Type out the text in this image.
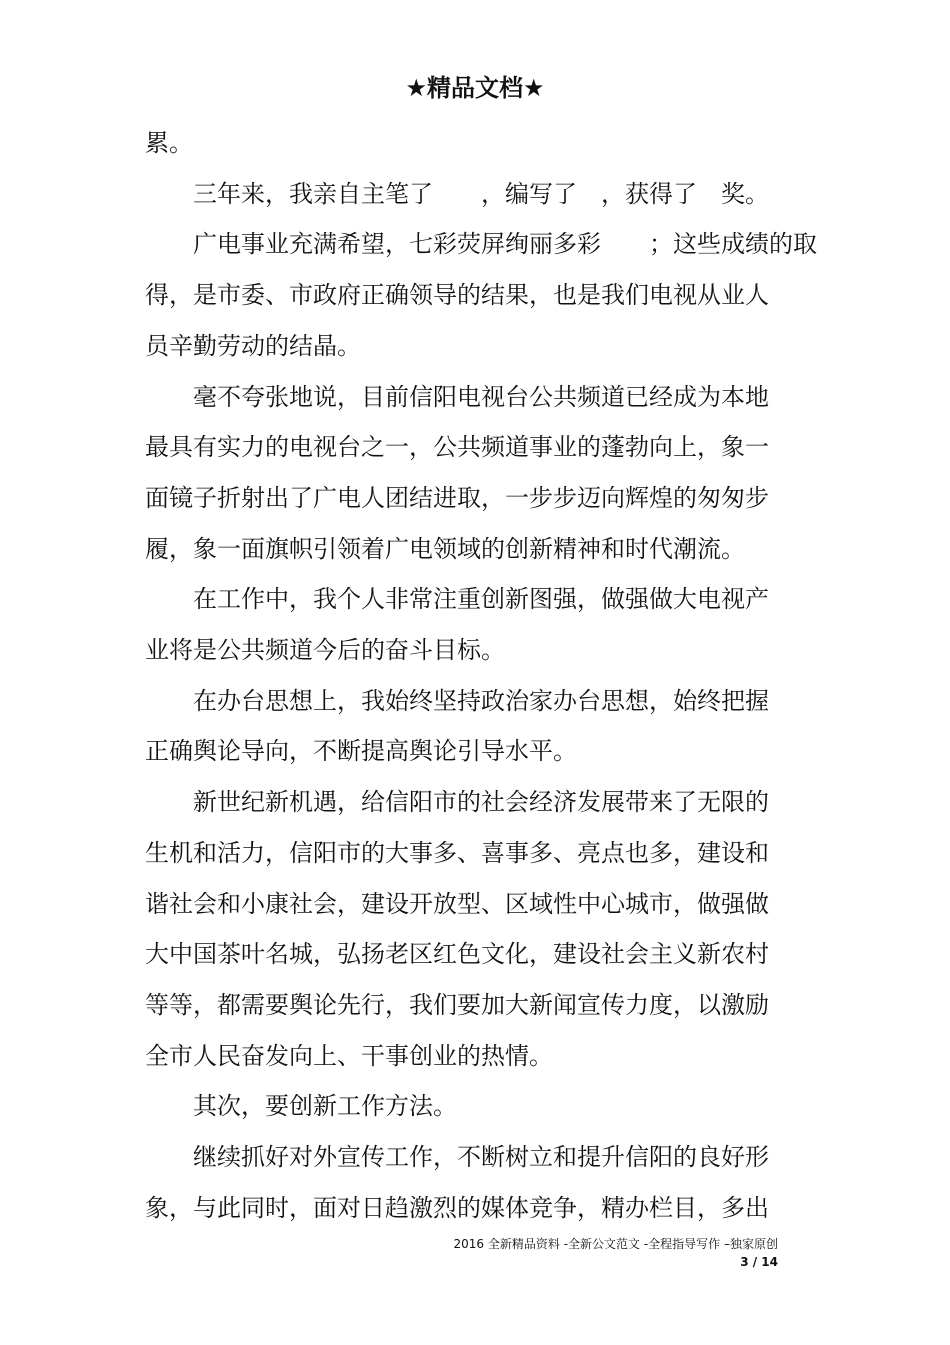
★精品文档★
累。
三年来，我亲自主笔了　　，编写了　，获得了　奖。
广电事业充满希望，七彩荧屏绚丽多彩　　；这些成绩的取
得，是市委、市政府正确领导的结果，也是我们电视从业人
员辛勤劳动的结晶。
毫不夸张地说，目前信阳电视台公共频道已经成为本地
最具有实力的电视台之一，公共频道事业的蓬勃向上，象一
面镜子折射出了广电人团结进取，一步步迈向辉煌的匆匆步
履，象一面旗帜引领着广电领域的创新精神和时代潮流。
在工作中，我个人非常注重创新图强，做强做大电视产
业将是公共频道今后的奋斗目标。
在办台思想上，我始终坚持政治家办台思想，始终把握
正确舆论导向，不断提高舆论引导水平。
新世纪新机遇，给信阳市的社会经济发展带来了无限的
生机和活力，信阳市的大事多、喜事多、亮点也多，建设和
谐社会和小康社会，建设开放型、区域性中心城市，做强做
大中国茶叶名城，弘扬老区红色文化，建设社会主义新农村
等等，都需要舆论先行，我们要加大新闻宣传力度，以激励
全市人民奋发向上、干事创业的热情。
其次，要创新工作方法。
继续抓好对外宣传工作，不断树立和提升信阳的良好形
象，与此同时，面对日趋激烈的媒体竞争，精办栏目，多出
2016 全新精品资料 -全新公文范文 -全程指导写作 –独家原创
3 / 14
